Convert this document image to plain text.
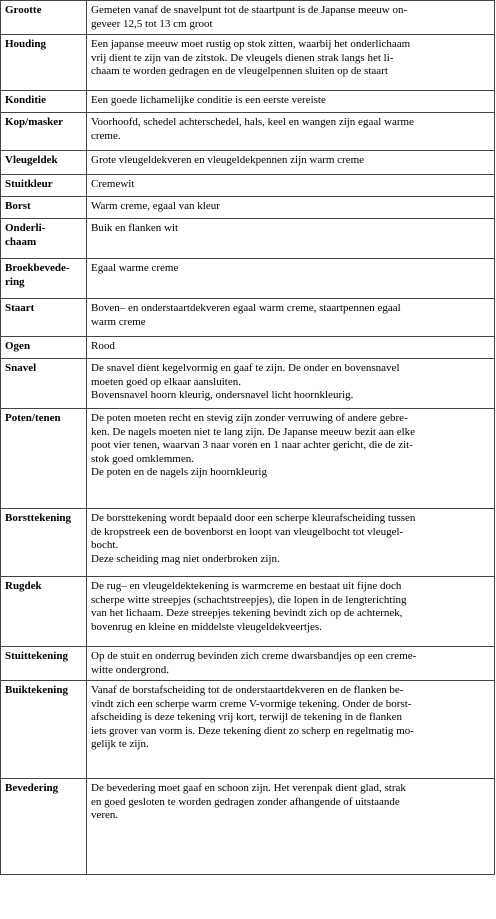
Grootte	Gemeten vanaf de snavelpunt tot de staartpunt is de Japanse meeuw on-
geveer 12,5 tot 13 cm groot
Houding	Een japanse meeuw moet rustig op stok zitten, waarbij het onderlichaam
vrij dient te zijn van de zitstok. De vleugels dienen strak langs het li-
chaam te worden gedragen en de vleugelpennen sluiten op de staart
Konditie	Een goede lichamelijke conditie is een eerste vereiste
Kop/masker	Voorhoofd, schedel achterschedel, hals, keel en wangen zijn egaal warme
creme.
Vleugeldek	Grote vleugeldekveren en vleugeldekpennen zijn warm creme
Stuitkleur	Cremewit
Borst	Warm creme, egaal van kleur
Onderli-
chaam	Buik en flanken wit
Broekbevede-
ring	Egaal warme creme
Staart	Boven– en onderstaartdekveren egaal warm creme, staartpennen egaal
warm creme
Ogen	Rood
Snavel	De snavel dient kegelvormig en gaaf te zijn. De onder en bovensnavel
moeten goed op elkaar aansluiten.
Bovensnavel hoorn kleurig, ondersnavel licht hoornkleurig.
Poten/tenen	De poten moeten recht en stevig zijn zonder verruwing of andere gebre-
ken. De nagels moeten niet te lang zijn. De Japanse meeuw bezit aan elke
poot vier tenen, waarvan 3 naar voren en 1 naar achter gericht, die de zit-
stok goed omklemmen.
De poten en de nagels zijn hoornkleurig
Borsttekening	De borsttekening wordt bepaald door een scherpe kleurafscheiding tussen
de kropstreek een de bovenborst en loopt van vleugelbocht tot vleugel-
bocht.
Deze scheiding mag niet onderbroken zijn.
Rugdek	De rug– en vleugeldektekening is warmcreme en bestaat uit fijne doch
scherpe witte streepjes (schachtstreepjes), die lopen in de lengterichting
van het lichaam. Deze streepjes tekening bevindt zich op de achternek,
bovenrug en kleine en middelste vleugeldekveertjes.
Stuittekening	Op de stuit en onderrug bevinden zich creme dwarsbandjes op een creme-
witte ondergrond.
Buiktekening	Vanaf de borstafscheiding tot de onderstaartdekveren en de flanken be-
vindt zich een scherpe warm creme V-vormige tekening. Onder de borst-
afscheiding is deze tekening vrij kort, terwijl de tekening in de flanken
iets grover van vorm is. Deze tekening dient zo scherp en regelmatig mo-
gelijk te zijn.
Bevedering	De bevedering moet gaaf en schoon zijn. Het verenpak dient glad, strak
en goed gesloten te worden gedragen zonder afhangende of uitstaande
veren.
